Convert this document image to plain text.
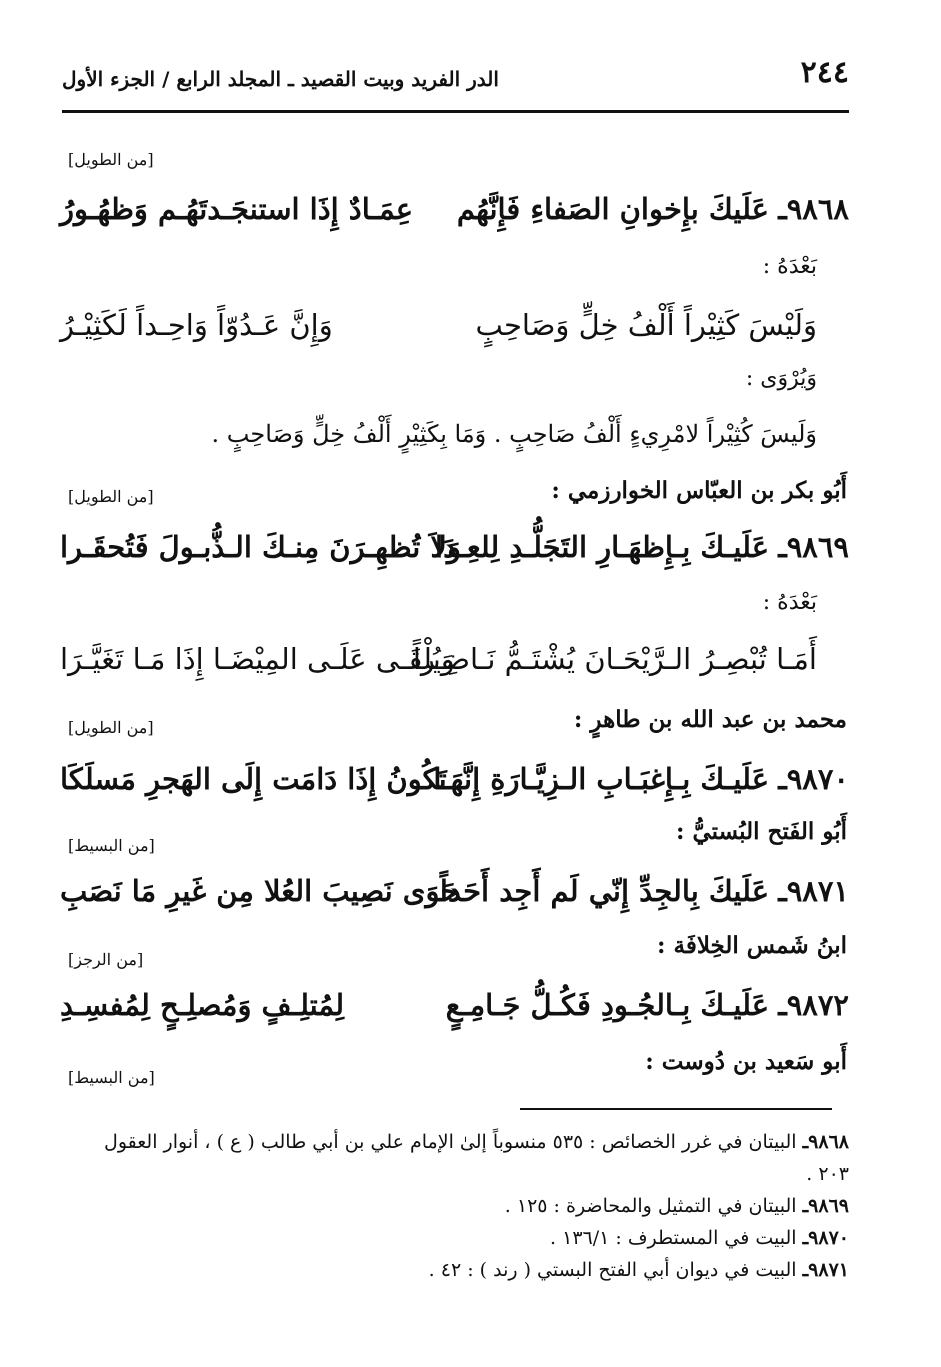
٢٤٤
الدر الفريد وبيت القصيد ـ المجلد الرابع / الجزء الأول
[من الطويل]
٩٨٦٨ـ
عَلَيكَ بإِخوانِ الصَفاءِ فَإِنَّهُم
عِمَـادٌ إِذَا استنجَـدتَهُـم وَظهُـورُ
بَعْدَهُ :
وَلَيْسَ كَثِيْراً أَلْفُ خِلٍّ وَصَاحِبٍ
وَإِنَّ عَـدُوّاً وَاحِـداً لَكَثِيْـرُ
وَيُرْوَى :
وَلَيسَ كُثِيْراً لامْرِيءٍ أَلْفُ صَاحِبٍ . وَمَا بِكَثِيْرٍ أَلْفُ خِلٍّ وَصَاحِبٍ .
أَبُو بكر بن العبّاس الخوارزمي :
[من الطويل]
٩٨٦٩ـ
عَلَيـكَ بِـإِظهَـارِ التَجَلُّـدِ لِلعِـدَا
وَلاَ تُظهِـرَنَ مِنـكَ الـذُّبـولَ فَتُحقَـرا
بَعْدَهُ :
أَمَـا تُبْصِـرُ الـرَّيْحَـانَ يُشْتَـمُّ نَـاضِـراً
وَيُلْقَـى عَلَـى المِيْضَـا إِذَا مَـا تَغَيَّـرَا
محمد بن عبد الله بن طاهرٍ :
[من الطويل]
٩٨٧٠ـ
عَلَيـكَ بِـإِغبَـابِ الـزِيَّـارَةِ إِنَّهَـا
تَكُونُ إِذَا دَامَت إِلَى الهَجرِ مَسلَكَا
أَبُو الفَتح البُستيُّ :
[من البسيط]
٩٨٧١ـ
عَلَيكَ بِالجِدِّ إِنّي لَم أَجِد أَحَداً
حَوَى نَصِيبَ العُلا مِن غَيرِ مَا نَصَبِ
ابنُ شَمس الخِلافَة :
[من الرجز]
٩٨٧٢ـ
عَلَيـكَ بِـالجُـودِ فَكُـلُّ جَـامِـعٍ
لِمُتلِـفٍ وَمُصلِـحٍ لِمُفسِـدِ
أَبو سَعيد بن دُوست :
[من البسيط]
٩٨٦٨ـ البيتان في غرر الخصائص : ٥٣٥ منسوباً إلىٰ الإمام علي بن أبي طالب ( ع ) ، أنوار العقول ٢٠٣ .
٩٨٦٩ـ البيتان في التمثيل والمحاضرة : ١٢٥ .
٩٨٧٠ـ البيت في المستطرف : ١٣٦/١ .
٩٨٧١ـ البيت في ديوان أبي الفتح البستي ( رند ) : ٤٢ .
